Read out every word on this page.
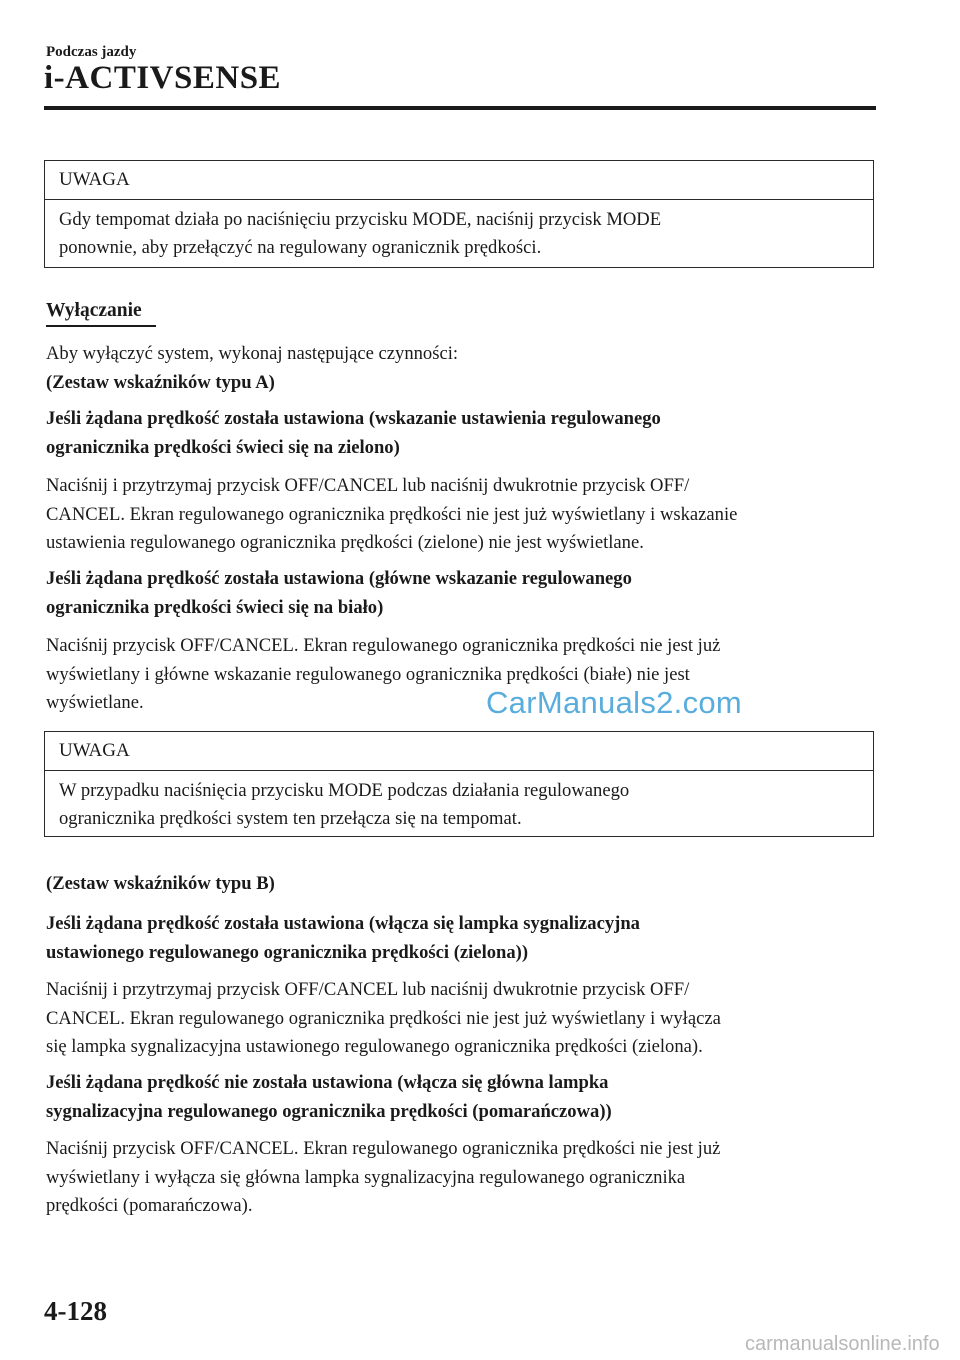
Podczas jazdy
i-ACTIVSENSE
UWAGA
Gdy tempomat działa po naciśnięciu przycisku MODE, naciśnij przycisk MODE
ponownie, aby przełączyć na regulowany ogranicznik prędkości.
Wyłączanie
Aby wyłączyć system, wykonaj następujące czynności:
(Zestaw wskaźników typu A)
Jeśli żądana prędkość została ustawiona (wskazanie ustawienia regulowanego
ogranicznika prędkości świeci się na zielono)
Naciśnij i przytrzymaj przycisk OFF/CANCEL lub naciśnij dwukrotnie przycisk OFF/
CANCEL. Ekran regulowanego ogranicznika prędkości nie jest już wyświetlany i wskazanie
ustawienia regulowanego ogranicznika prędkości (zielone) nie jest wyświetlane.
Jeśli żądana prędkość została ustawiona (główne wskazanie regulowanego
ogranicznika prędkości świeci się na biało)
Naciśnij przycisk OFF/CANCEL. Ekran regulowanego ogranicznika prędkości nie jest już
wyświetlany i główne wskazanie regulowanego ogranicznika prędkości (białe) nie jest
wyświetlane.	CarManuals2.com
UWAGA
W przypadku naciśnięcia przycisku MODE podczas działania regulowanego
ogranicznika prędkości system ten przełącza się na tempomat.
(Zestaw wskaźników typu B)
Jeśli żądana prędkość została ustawiona (włącza się lampka sygnalizacyjna
ustawionego regulowanego ogranicznika prędkości (zielona))
Naciśnij i przytrzymaj przycisk OFF/CANCEL lub naciśnij dwukrotnie przycisk OFF/
CANCEL. Ekran regulowanego ogranicznika prędkości nie jest już wyświetlany i wyłącza
się lampka sygnalizacyjna ustawionego regulowanego ogranicznika prędkości (zielona).
Jeśli żądana prędkość nie została ustawiona (włącza się główna lampka
sygnalizacyjna regulowanego ogranicznika prędkości (pomarańczowa))
Naciśnij przycisk OFF/CANCEL. Ekran regulowanego ogranicznika prędkości nie jest już
wyświetlany i wyłącza się główna lampka sygnalizacyjna regulowanego ogranicznika
prędkości (pomarańczowa).
4-128
carmanualsonline.info
